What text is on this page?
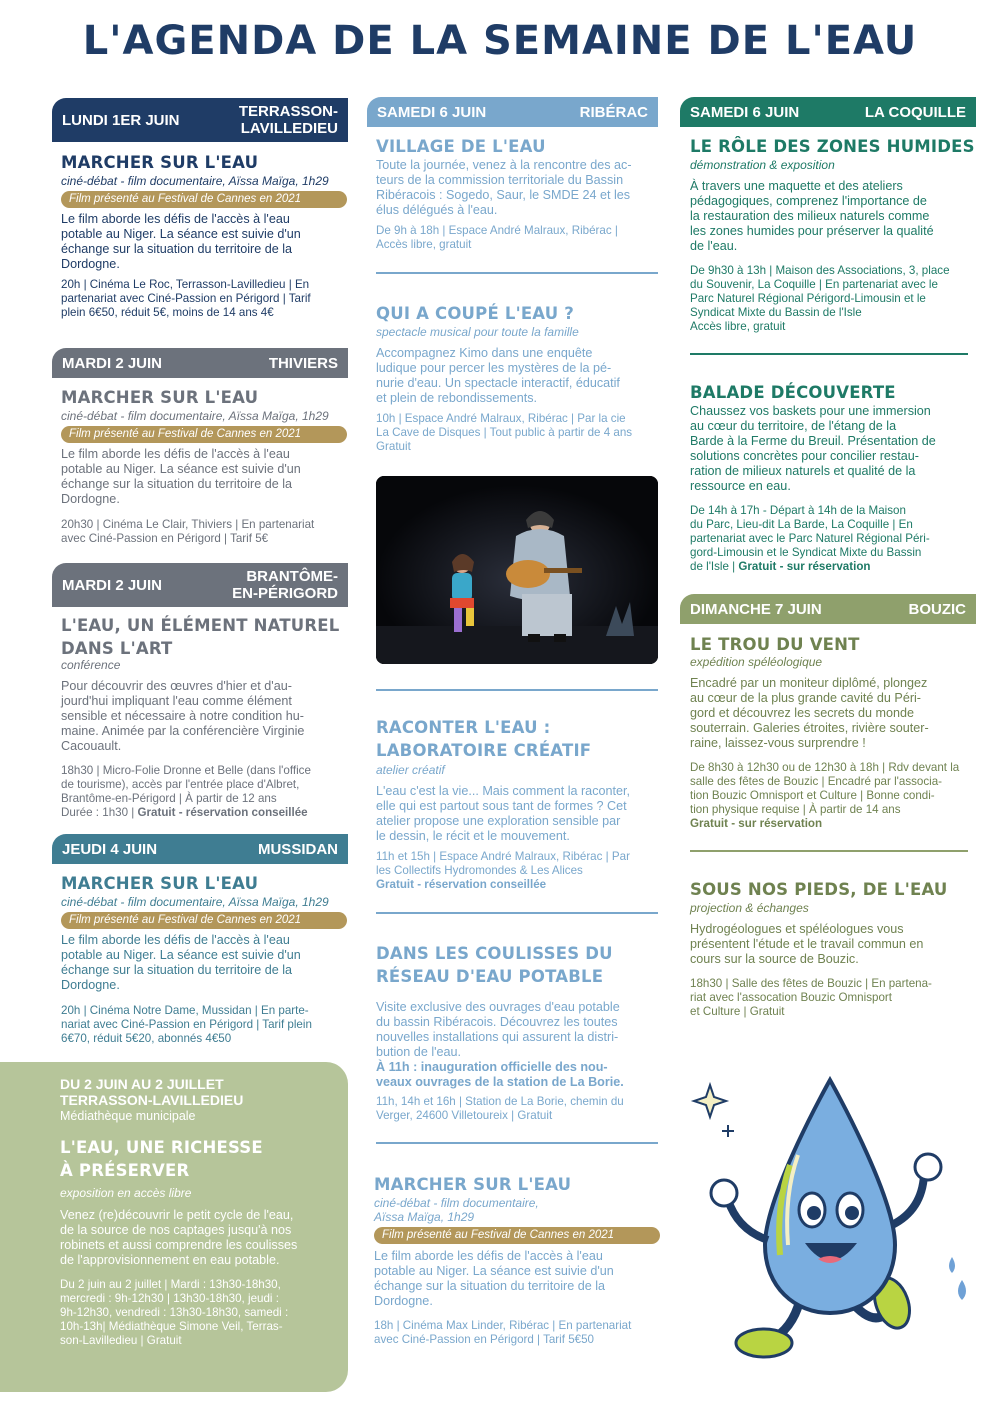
L'AGENDA DE LA SEMAINE DE L'EAU
LUNDI 1ER JUIN	TERRASSON-
LAVILLEDIEU
MARCHER SUR L'EAU
ciné-débat - film documentaire, Aïssa Maïga, 1h29
Film présenté au Festival de Cannes en 2021
Le film aborde les défis de l'accès à l'eau
potable au Niger. La séance est suivie d'un
échange sur la situation du territoire de la
Dordogne.
20h | Cinéma Le Roc, Terrasson-Lavilledieu | En
partenariat avec Ciné-Passion en Périgord | Tarif
plein 6€50, réduit 5€, moins de 14 ans 4€
MARDI 2 JUIN	THIVIERS
MARCHER SUR L'EAU
ciné-débat - film documentaire, Aïssa Maïga, 1h29
Film présenté au Festival de Cannes en 2021
Le film aborde les défis de l'accès à l'eau
potable au Niger. La séance est suivie d'un
échange sur la situation du territoire de la
Dordogne.
20h30 | Cinéma Le Clair, Thiviers | En partenariat
avec Ciné-Passion en Périgord | Tarif 5€
MARDI 2 JUIN	BRANTÔME-
EN-PÉRIGORD
L'EAU, UN ÉLÉMENT NATUREL
DANS L'ART
conférence
Pour découvrir des œuvres d'hier et d'au-
jourd'hui impliquant l'eau comme élément
sensible et nécessaire à notre condition hu-
maine. Animée par la conférencière Virginie
Cacouault.
18h30 | Micro-Folie Dronne et Belle (dans l'office
de tourisme), accès par l'entrée place d'Albret,
Brantôme-en-Périgord | À partir de 12 ans
Durée : 1h30 | Gratuit - réservation conseillée
JEUDI 4 JUIN	MUSSIDAN
MARCHER SUR L'EAU
ciné-débat - film documentaire, Aïssa Maïga, 1h29
Film présenté au Festival de Cannes en 2021
Le film aborde les défis de l'accès à l'eau
potable au Niger. La séance est suivie d'un
échange sur la situation du territoire de la
Dordogne.
20h | Cinéma Notre Dame, Mussidan | En parte-
nariat avec Ciné-Passion en Périgord | Tarif plein
6€70, réduit 5€20, abonnés 4€50
DU 2 JUIN AU 2 JUILLET
TERRASSON-LAVILLEDIEU
Médiathèque municipale
L'EAU, UNE RICHESSE
À PRÉSERVER
exposition en accès libre
Venez (re)découvrir le petit cycle de l'eau,
de la source de nos captages jusqu'à nos
robinets et aussi comprendre les coulisses
de l'approvisionnement en eau potable.
Du 2 juin au 2 juillet | Mardi : 13h30-18h30,
mercredi : 9h-12h30 | 13h30-18h30, jeudi :
9h-12h30, vendredi : 13h30-18h30, samedi :
10h-13h| Médiathèque Simone Veil, Terras-
son-Lavilledieu | Gratuit
SAMEDI 6 JUIN	RIBÉRAC
VILLAGE DE L'EAU
Toute la journée, venez à la rencontre des ac-
teurs de la commission territoriale du Bassin
Ribéracois : Sogedo, Saur, le SMDE 24 et les
élus délégués à l'eau.
De 9h à 18h | Espace André Malraux, Ribérac |
Accès libre, gratuit
QUI A COUPÉ L'EAU ?
spectacle musical pour toute la famille
Accompagnez Kimo dans une enquête
ludique pour percer les mystères de la pé-
nurie d'eau. Un spectacle interactif, éducatif
et plein de rebondissements.
10h | Espace André Malraux, Ribérac | Par la cie
La Cave de Disques | Tout public à partir de 4 ans
Gratuit
RACONTER L'EAU :
LABORATOIRE CRÉATIF
atelier créatif
L'eau c'est la vie... Mais comment la raconter,
elle qui est partout sous tant de formes ? Cet
atelier propose une exploration sensible par
le dessin, le récit et le mouvement.
11h et 15h | Espace André Malraux, Ribérac | Par
les Collectifs Hydromondes & Les Alices
Gratuit - réservation conseillée
DANS LES COULISSES DU
RÉSEAU D'EAU POTABLE
Visite exclusive des ouvrages d'eau potable
du bassin Ribéracois. Découvrez les toutes
nouvelles installations qui assurent la distri-
bution de l'eau.
À 11h : inauguration officielle des nou-
veaux ouvrages de la station de La Borie.
11h, 14h et 16h | Station de La Borie, chemin du
Verger, 24600 Villetoureix | Gratuit
MARCHER SUR L'EAU
ciné-débat - film documentaire,
Aïssa Maïga, 1h29
Film présenté au Festival de Cannes en 2021
Le film aborde les défis de l'accès à l'eau
potable au Niger. La séance est suivie d'un
échange sur la situation du territoire de la
Dordogne.
18h | Cinéma Max Linder, Ribérac | En partenariat
avec Ciné-Passion en Périgord | Tarif 5€50
SAMEDI 6 JUIN	LA COQUILLE
LE RÔLE DES ZONES HUMIDES
démonstration & exposition
À travers une maquette et des ateliers
pédagogiques, comprenez l'importance de
la restauration des milieux naturels comme
les zones humides pour préserver la qualité
de l'eau.
De 9h30 à 13h | Maison des Associations, 3, place
du Souvenir, La Coquille | En partenariat avec le
Parc Naturel Régional Périgord-Limousin et le
Syndicat Mixte du Bassin de l'Isle
Accès libre, gratuit
BALADE DÉCOUVERTE
Chaussez vos baskets pour une immersion
au cœur du territoire, de l'étang de la
Barde à la Ferme du Breuil. Présentation de
solutions concrètes pour concilier restau-
ration de milieux naturels et qualité de la
ressource en eau.
De 14h à 17h - Départ à 14h de la Maison
du Parc, Lieu-dit La Barde, La Coquille | En
partenariat avec le Parc Naturel Régional Péri-
gord-Limousin et le Syndicat Mixte du Bassin
de l'Isle | Gratuit - sur réservation
DIMANCHE 7 JUIN	BOUZIC
LE TROU DU VENT
expédition spéléologique
Encadré par un moniteur diplômé, plongez
au cœur de la plus grande cavité du Péri-
gord et découvrez les secrets du monde
souterrain. Galeries étroites, rivière souter-
raine, laissez-vous surprendre !
De 8h30 à 12h30 ou de 12h30 à 18h | Rdv devant la
salle des fêtes de Bouzic | Encadré par l'associa-
tion Bouzic Omnisport et Culture | Bonne condi-
tion physique requise | À partir de 14 ans
Gratuit - sur réservation
SOUS NOS PIEDS, DE L'EAU
projection & échanges
Hydrogéologues et spéléologues vous
présentent l'étude et le travail commun en
cours sur la source de Bouzic.
18h30 | Salle des fêtes de Bouzic | En partena-
riat avec l'assocation Bouzic Omnisport
et Culture | Gratuit
